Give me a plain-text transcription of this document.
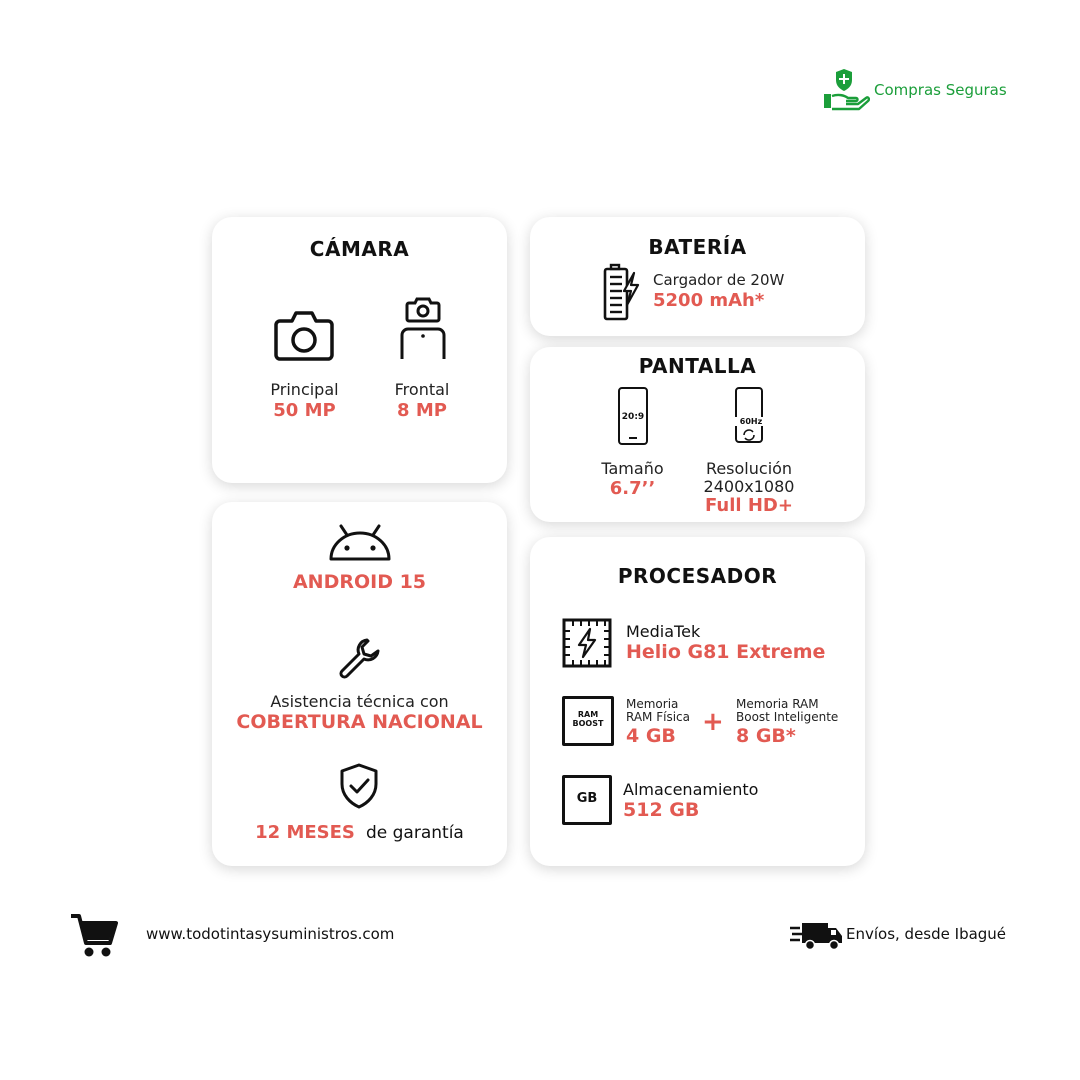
Compras Seguras
CÁMARA
Principal
50 MP
Frontal
8 MP
BATERÍA
Cargador de 20W
5200 mAh*
PANTALLA
20:9	60Hz
Tamaño
6.7’’
Resolución
2400x1080
Full HD+
ANDROID 15
Asistencia técnica con
COBERTURA NACIONAL
12 MESES de garantía
PROCESADOR
MediaTek
Helio G81 Extreme
RAM
BOOST
Memoria
RAM Física
4 GB +
Memoria RAM
Boost Inteligente
8 GB*
GB	Almacenamiento
512 GB
www.todotintasysuministros.com	Envíos, desde Ibagué
